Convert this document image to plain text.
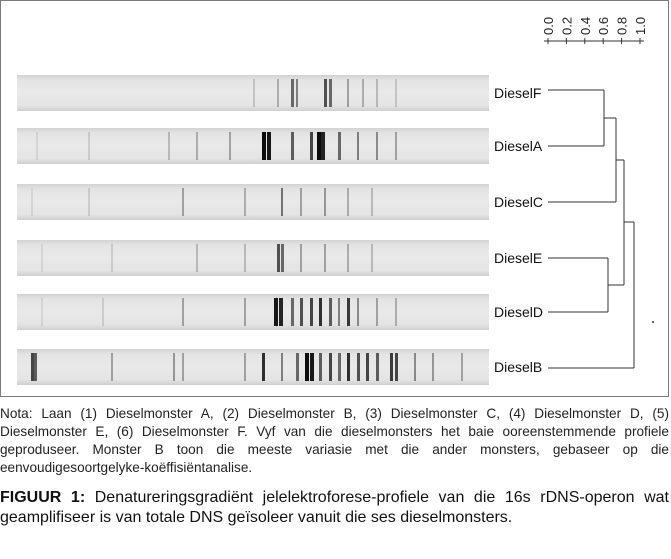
0.0 0.2 0.4 0.6 0.8 1.0
DieselF
DieselA
DieselC
DieselE
DieselD
DieselB

Nota: Laan (1) Dieselmonster A, (2) Dieselmonster B, (3) Dieselmonster C, (4) Dieselmonster D, (5) Dieselmonster E, (6) Dieselmonster F. Vyf van die dieselmonsters het baie ooreenstemmende profiele geproduseer. Monster B toon die meeste variasie met die ander monsters, gebaseer op die eenvoudigesoortgelyke-koëffisiëntanalise.

FIGUUR 1: Denatureringsgradiënt jelelektroforese-profiele van die 16s rDNS-operon wat geamplifiseer is van totale DNS geïsoleer vanuit die ses dieselmonsters.
